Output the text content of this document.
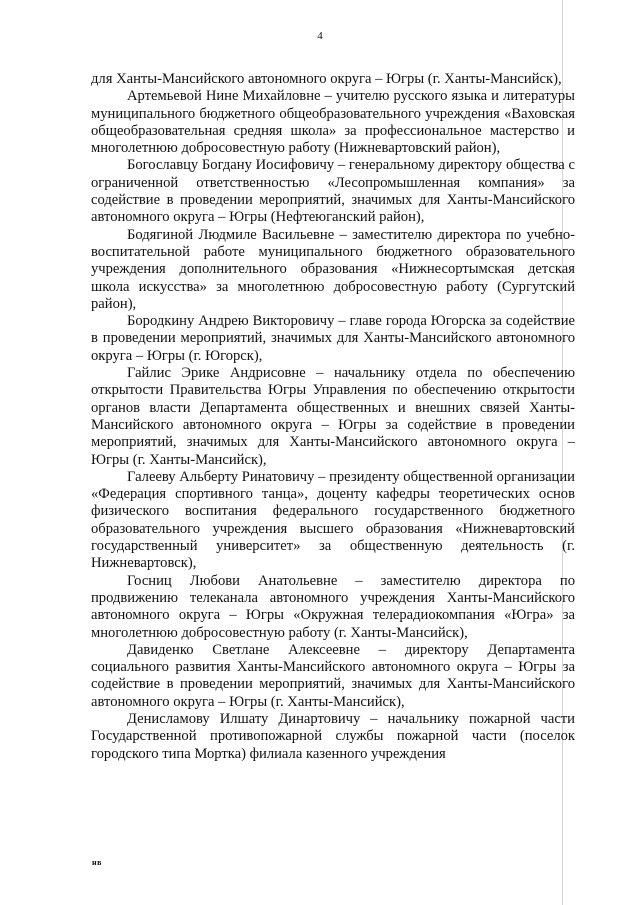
4

для Ханты-Мансийского автономного округа – Югры (г. Ханты-Мансийск),

Артемьевой Нине Михайловне – учителю русского языка и литературы муниципального бюджетного общеобразовательного учреждения «Ваховская общеобразовательная средняя школа» за профессиональное мастерство и многолетнюю добросовестную работу (Нижневартовский район),

Богославцу Богдану Иосифовичу – генеральному директору общества с ограниченной ответственностью «Лесопромышленная компания» за содействие в проведении мероприятий, значимых для Ханты-Мансийского автономного округа – Югры (Нефтеюганский район),

Бодягиной Людмиле Васильевне – заместителю директора по учебно-воспитательной работе муниципального бюджетного образовательного учреждения дополнительного образования «Нижнесортымская детская школа искусства» за многолетнюю добросовестную работу (Сургутский район),

Бородкину Андрею Викторовичу – главе города Югорска за содействие в проведении мероприятий, значимых для Ханты-Мансийского автономного округа – Югры (г. Югорск),

Гайлис Эрике Андрисовне – начальнику отдела по обеспечению открытости Правительства Югры Управления по обеспечению открытости органов власти Департамента общественных и внешних связей Ханты-Мансийского автономного округа – Югры за содействие в проведении мероприятий, значимых для Ханты-Мансийского автономного округа – Югры (г. Ханты-Мансийск),

Галееву Альберту Ринатовичу – президенту общественной организации «Федерация спортивного танца», доценту кафедры теоретических основ физического воспитания федерального государственного бюджетного образовательного учреждения высшего образования «Нижневартовский государственный университет» за общественную деятельность (г. Нижневартовск),

Госниц Любови Анатольевне – заместителю директора по продвижению телеканала автономного учреждения Ханты-Мансийского автономного округа – Югры «Окружная телерадиокомпания «Югра» за многолетнюю добросовестную работу (г. Ханты-Мансийск),

Давиденко Светлане Алексеевне – директору Департамента социального развития Ханты-Мансийского автономного округа – Югры за содействие в проведении мероприятий, значимых для Ханты-Мансийского автономного округа – Югры (г. Ханты-Мансийск),

Денисламову Илшату Динартовичу – начальнику пожарной части Государственной противопожарной службы пожарной части (поселок городского типа Мортка) филиала казенного учреждения

нв
